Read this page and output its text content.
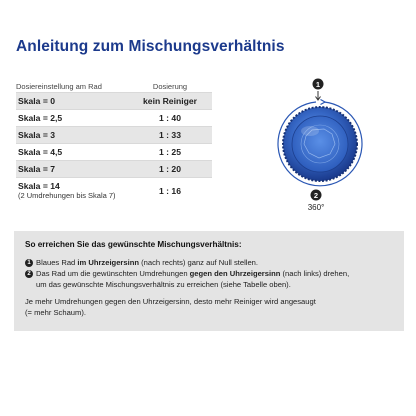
Anleitung zum Mischungsverhältnis
Dosiereinstellung am Rad	Dosierung
Skala = 0	kein Reiniger
Skala = 2,5	1 : 40
Skala = 3	1 : 33
Skala = 4,5	1 : 25
Skala = 7	1 : 20
Skala = 14
(2 Umdrehungen bis Skala 7)	1 : 16
1
2
360°
So erreichen Sie das gewünschte Mischungsverhältnis:
1 Blaues Rad im Uhrzeigersinn (nach rechts) ganz auf Null stellen.
2 Das Rad um die gewünschten Umdrehungen gegen den Uhrzeigersinn (nach links) drehen,
um das gewünschte Mischungsverhältnis zu erreichen (siehe Tabelle oben).
Je mehr Umdrehungen gegen den Uhrzeigersinn, desto mehr Reiniger wird angesaugt
(= mehr Schaum).
